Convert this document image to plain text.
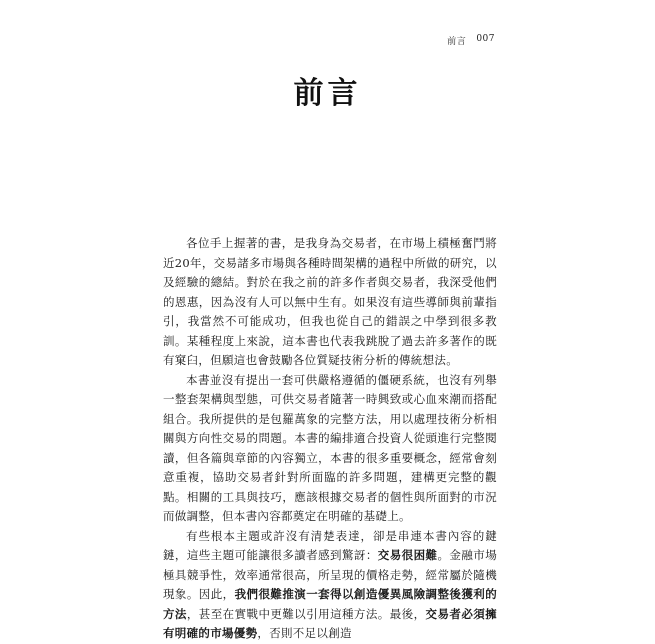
前言 007
前言

各位手上握著的書，是我身為交易者，在市場上積極奮鬥將近20年，交易諸多市場與各種時間架構的過程中所做的研究，以及經驗的總結。對於在我之前的許多作者與交易者，我深受他們的恩惠，因為沒有人可以無中生有。如果沒有這些導師與前輩指引，我當然不可能成功，但我也從自己的錯誤之中學到很多教訓。某種程度上來說，這本書也代表我跳脫了過去許多著作的既有窠臼，但願這也會鼓勵各位質疑技術分析的傳統想法。

本書並沒有提出一套可供嚴格遵循的僵硬系統，也沒有列舉一整套架構與型態，可供交易者隨著一時興致或心血來潮而搭配組合。我所提供的是包羅萬象的完整方法，用以處理技術分析相關與方向性交易的問題。本書的編排適合投資人從頭進行完整閱讀，但各篇與章節的內容獨立，本書的很多重要概念，經常會刻意重複，協助交易者針對所面臨的許多問題，建構更完整的觀點。相關的工具與技巧，應該根據交易者的個性與所面對的市況而做調整，但本書內容都奠定在明確的基礎上。

有些根本主題或許沒有清楚表達，卻是串連本書內容的鍵鏈，這些主題可能讓很多讀者感到驚訝：交易很困難。金融市場極具競爭性，效率通常很高，所呈現的價格走勢，經常屬於隨機現象。因此，我們很難推演一套得以創造優異風險調整後獲利的方法，甚至在實戰中更難以引用這種方法。最後，交易者必須擁有明確的市場優勢，否則不足以創造
